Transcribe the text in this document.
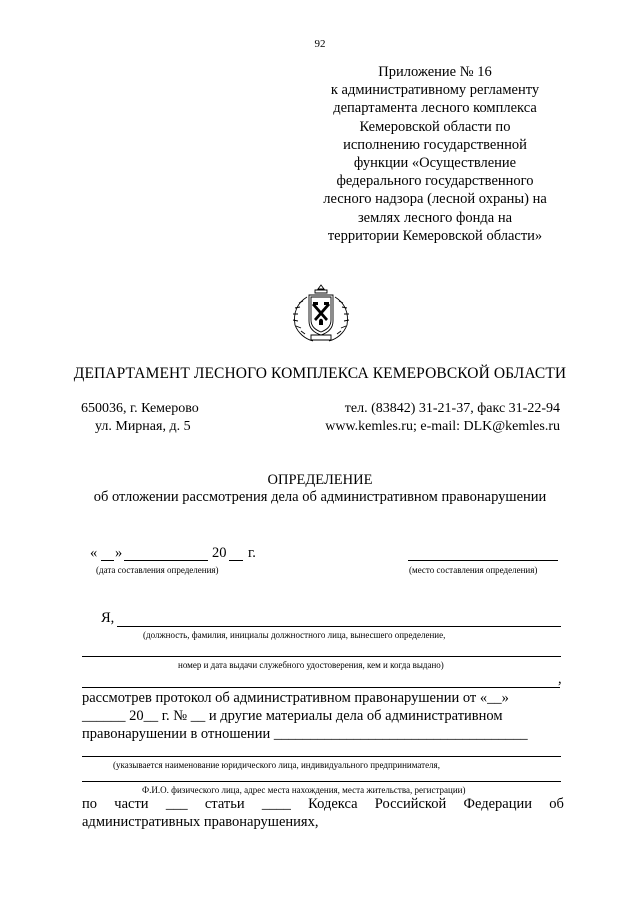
92
Приложение № 16
к административному регламенту
департамента лесного комплекса
Кемеровской области по
исполнению государственной
функции «Осуществление
федерального государственного
лесного надзора (лесной охраны) на
землях лесного фонда на
территории Кемеровской области»
ДЕПАРТАМЕНТ ЛЕСНОГО КОМПЛЕКСА КЕМЕРОВСКОЙ ОБЛАСТИ
650036, г. Кемерово
ул. Мирная, д. 5
тел. (83842) 31-21-37, факс 31-22-94
www.kemles.ru; e-mail: DLK@kemles.ru
ОПРЕДЕЛЕНИЕ
об отложении рассмотрения дела об административном правонарушении
« »	20 г.
(дата составления определения)	(место составления определения)
Я,
(должность, фамилия, инициалы должностного лица, вынесшего определение,
номер и дата выдачи служебного удостоверения, кем и когда выдано)
,
рассмотрев протокол об административном правонарушении от «__»
______ 20__ г. № __ и другие материалы дела об административном
правонарушении в отношении ___________________________________
(указывается наименование юридического лица, индивидуального предпринимателя,
Ф.И.О. физического лица, адрес места нахождения, места жительства, регистрации)
по части ___ статьи ____ Кодекса Российской Федерации об
административных правонарушениях,
